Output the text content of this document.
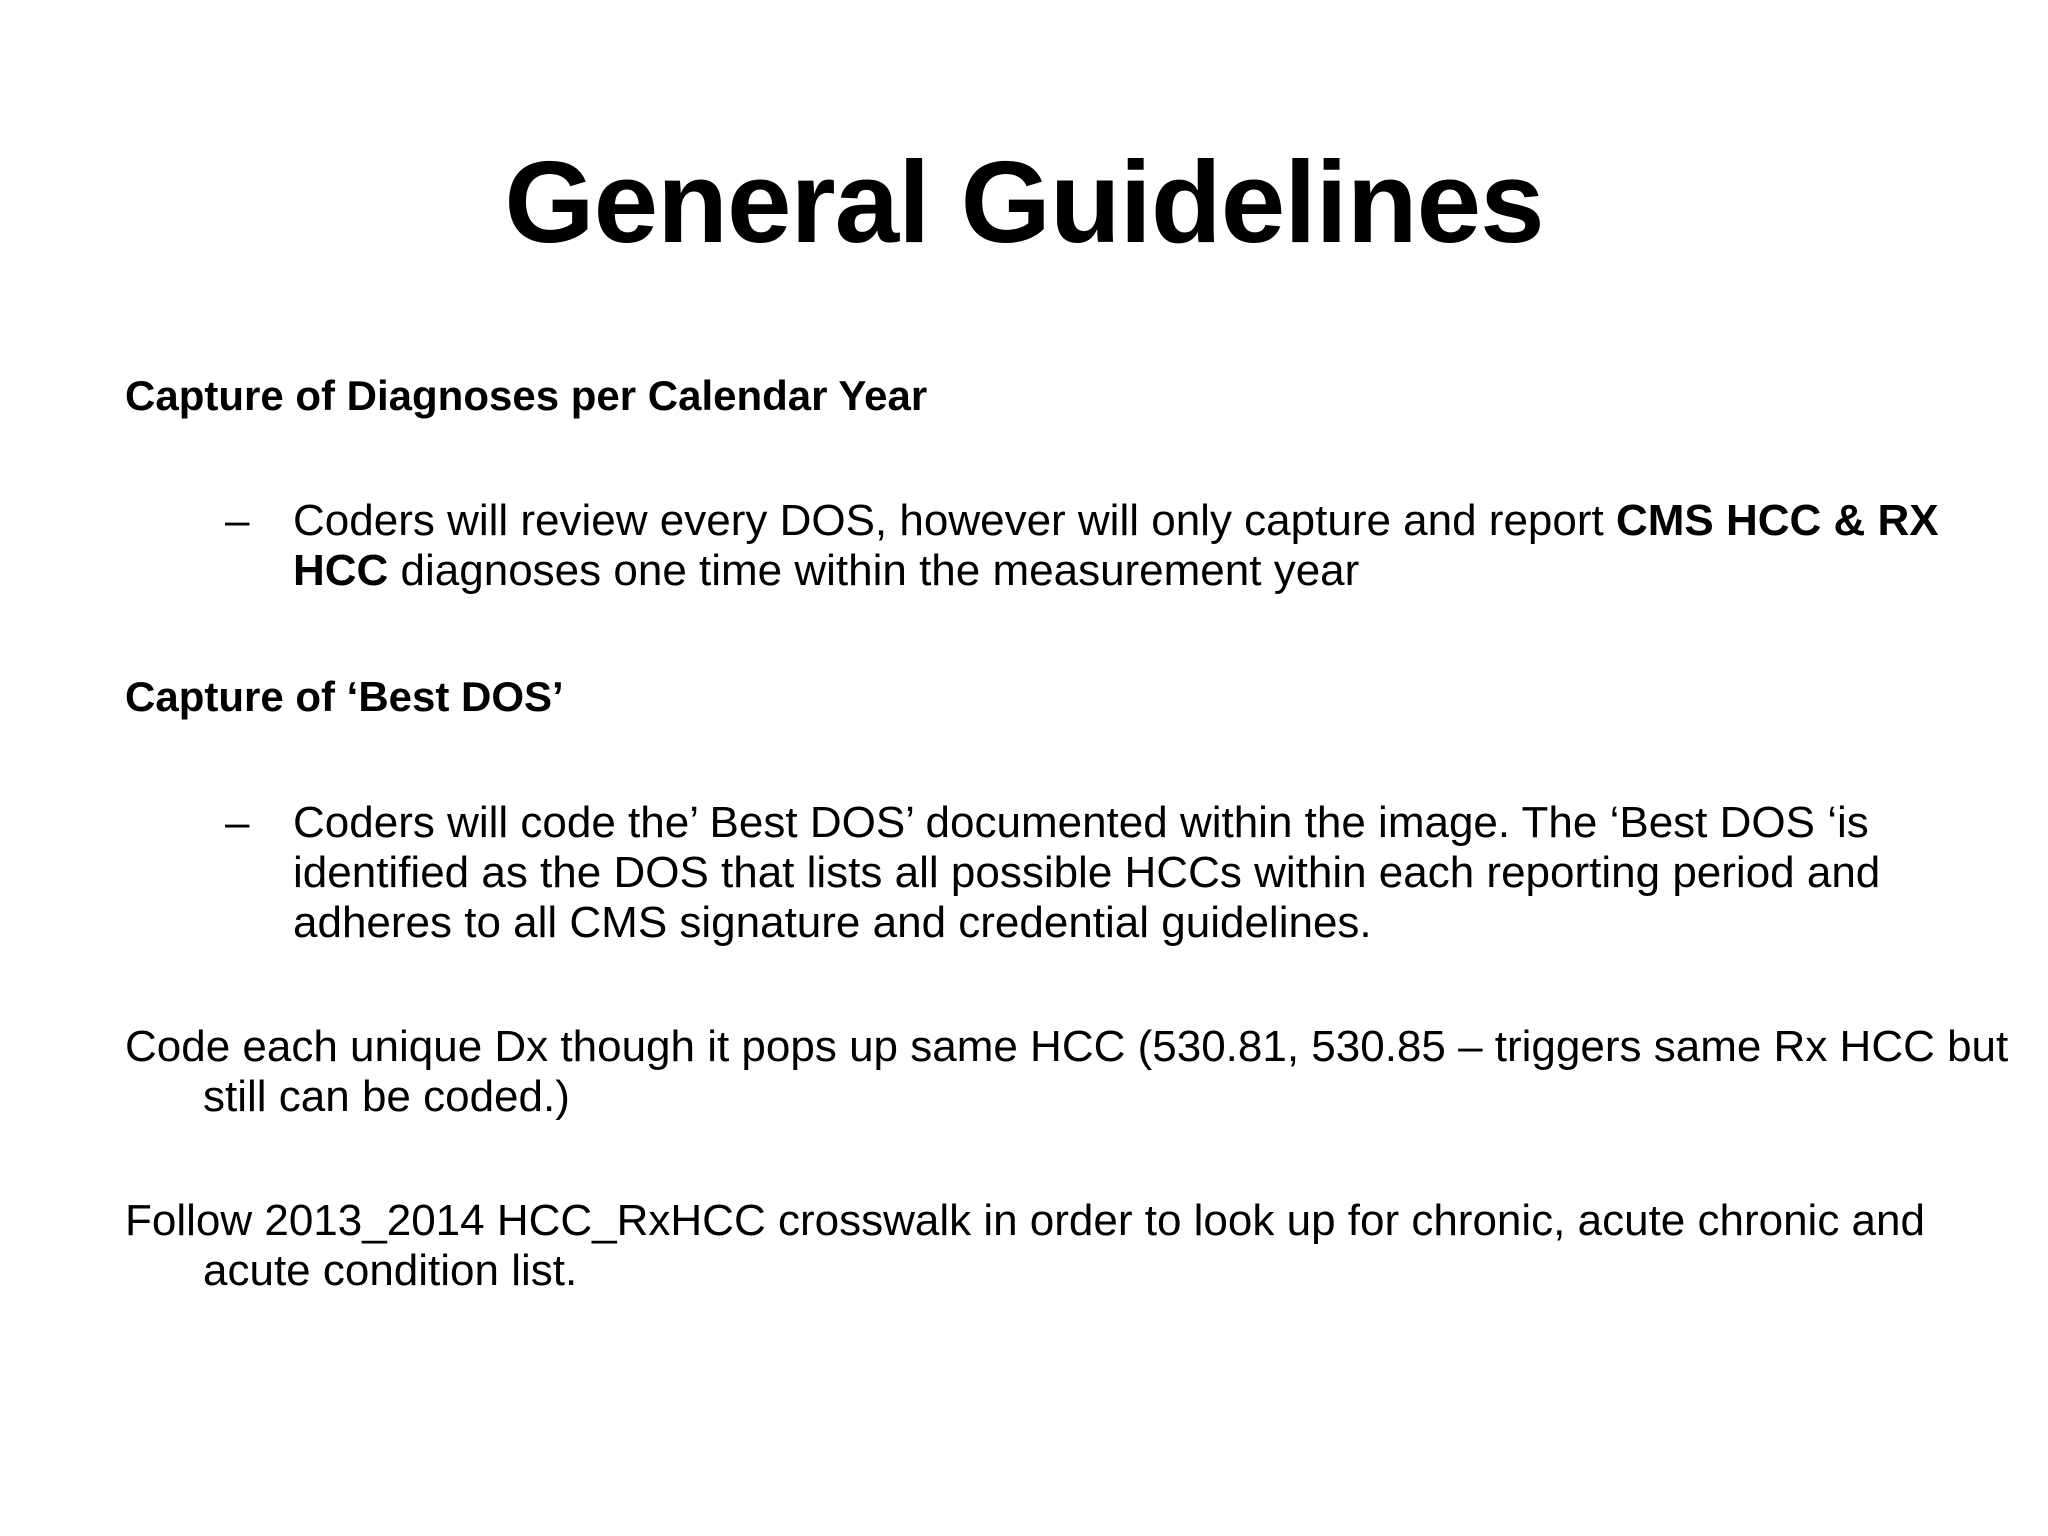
General Guidelines
Capture of Diagnoses per Calendar Year
– Coders will review every DOS, however will only capture and report CMS HCC & RX HCC diagnoses one time within the measurement year
Capture of ‘Best DOS’
– Coders will code the’ Best DOS’ documented within the image. The ‘Best DOS ‘is identified as the DOS that lists all possible HCCs within each reporting period and adheres to all CMS signature and credential guidelines.
Code each unique Dx though it pops up same HCC (530.81, 530.85 – triggers same Rx HCC but still can be coded.)
Follow 2013_2014 HCC_RxHCC crosswalk in order to look up for chronic, acute chronic and acute condition list.
